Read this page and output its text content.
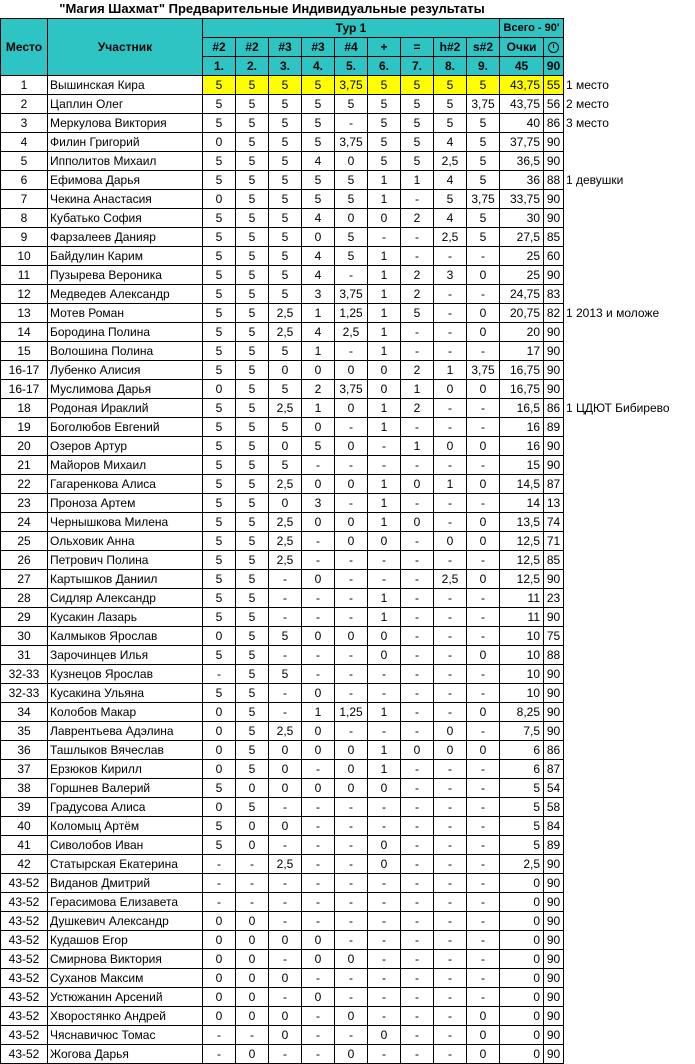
"Магия Шахмат" Предварительные Индивидуальные результаты													
Место	Участник	Тур 1									Всего - 90'		
		#2	#2	#3	#3	#4	+	=	h#2	s#2	Очки		
		1.	2.	3.	4.	5.	6.	7.	8.	9.	45	90	
1	Вышинская Кира	5	5	5	5	3,75	5	5	5	5	43,75	55	1 место
2	Цаплин Олег	5	5	5	5	5	5	5	5	3,75	43,75	56	2 место
3	Меркулова Виктория	5	5	5	5	-	5	5	5	5	40	86	3 место
4	Филин Григорий	0	5	5	5	3,75	5	5	4	5	37,75	90	
5	Ипполитов Михаил	5	5	5	4	0	5	5	2,5	5	36,5	90	
6	Ефимова Дарья	5	5	5	5	5	1	1	4	5	36	88	1 девушки
7	Чекина Анастасия	0	5	5	5	5	1	-	5	3,75	33,75	90	
8	Кубатько София	5	5	5	4	0	0	2	4	5	30	90	
9	Фарзалеев Данияр	5	5	5	0	5	-	-	2,5	5	27,5	85	
10	Байдулин Карим	5	5	5	4	5	1	-	-	-	25	60	
11	Пузырева Вероника	5	5	5	4	-	1	2	3	0	25	90	
12	Медведев Александр	5	5	5	3	3,75	1	2	-	-	24,75	83	
13	Мотев Роман	5	5	2,5	1	1,25	1	5	-	0	20,75	82	1 2013 и моложе
14	Бородина Полина	5	5	2,5	4	2,5	1	-	-	0	20	90	
15	Волошина Полина	5	5	5	1	-	1	-	-	-	17	90	
16-17	Лубенко Алисия	5	5	0	0	0	0	2	1	3,75	16,75	90	
16-17	Муслимова Дарья	0	5	5	2	3,75	0	1	0	0	16,75	90	
18	Родоная Ираклий	5	5	2,5	1	0	1	2	-	-	16,5	86	1 ЦДЮТ Бибирево
19	Боголюбов Евгений	5	5	5	0	-	1	-	-	-	16	89	
20	Озеров Артур	5	5	0	5	0	-	1	0	0	16	90	
21	Майоров Михаил	5	5	5	-	-	-	-	-	-	15	90	
22	Гагаренкова Алиса	5	5	2,5	0	0	1	0	1	0	14,5	87	
23	Проноза Артем	5	5	0	3	-	1	-	-	-	14	13	
24	Чернышкова Милена	5	5	2,5	0	0	1	0	-	0	13,5	74	
25	Ольховик Анна	5	5	2,5	-	0	0	-	0	0	12,5	71	
26	Петрович Полина	5	5	2,5	-	-	-	-	-	-	12,5	85	
27	Картышков Даниил	5	5	-	0	-	-	-	2,5	0	12,5	90	
28	Сидляр Александр	5	5	-	-	-	1	-	-	-	11	23	
29	Кусакин Лазарь	5	5	-	-	-	1	-	-	-	11	90	
30	Калмыков Ярослав	0	5	5	0	0	0	-	-	-	10	75	
31	Зарочинцев Илья	5	5	-	-	-	0	-	-	0	10	88	
32-33	Кузнецов Ярослав	-	5	5	-	-	-	-	-	-	10	90	
32-33	Кусакина Ульяна	5	5	-	0	-	-	-	-	-	10	90	
34	Колобов Макар	0	5	-	1	1,25	1	-	-	0	8,25	90	
35	Лаврентьева Адэлина	0	5	2,5	0	-	-	-	0	-	7,5	90	
36	Ташлыков Вячеслав	0	5	0	0	0	1	0	0	0	6	86	
37	Ерзюков Кирилл	0	5	0	-	0	1	-	-	-	6	87	
38	Горшнев Валерий	5	0	0	0	0	0	-	-	-	5	54	
39	Градусова Алиса	0	5	-	-	-	-	-	-	-	5	58	
40	Коломыц Артём	5	0	0	-	-	-	-	-	-	5	84	
41	Сиволобов Иван	5	0	-	-	-	0	-	-	-	5	89	
42	Статырская Екатерина	-	-	2,5	-	-	0	-	-	-	2,5	90	
43-52	Виданов Дмитрий	-	-	-	-	-	-	-	-	-	0	90	
43-52	Герасимова Елизавета	-	-	-	-	-	-	-	-	-	0	90	
43-52	Душкевич Александр	0	0	-	-	-	-	-	-	-	0	90	
43-52	Кудашов Егор	0	0	0	0	-	-	-	-	-	0	90	
43-52	Смирнова Виктория	0	0	-	0	0	-	-	-	-	0	90	
43-52	Суханов Максим	0	0	0	-	-	-	-	-	-	0	90	
43-52	Устюжанин Арсений	0	0	-	0	-	-	-	-	-	0	90	
43-52	Хворостянко Андрей	0	0	0	-	0	-	-	-	0	0	90	
43-52	Чяснавичюс Томас	-	-	0	-	-	0	-	-	0	0	90	
43-52	Жогова Дарья	-	0	-	-	0	-	-	-	0	0	90	
